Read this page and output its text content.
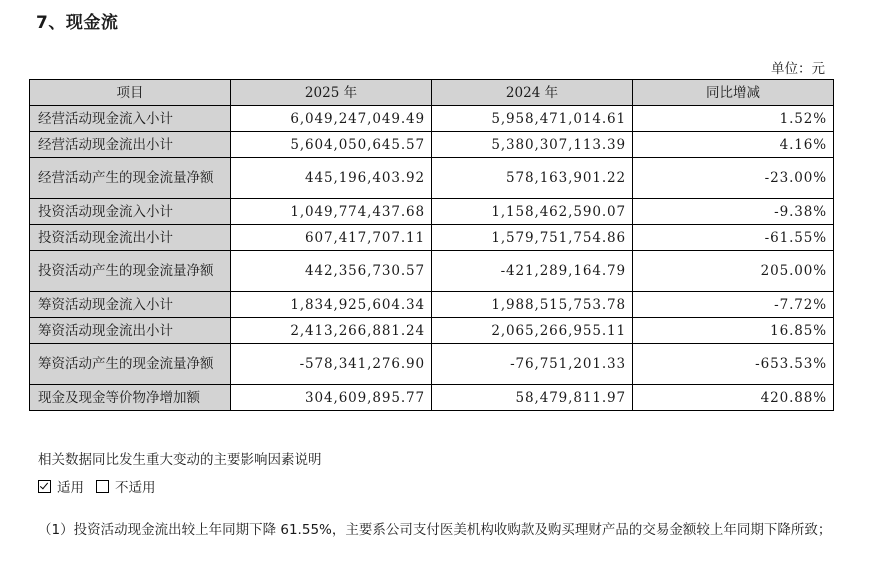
7、现金流
单位：元
项目	2025 年	2024 年	同比增减
经营活动现金流入小计	6,049,247,049.49	5,958,471,014.61	1.52%
经营活动现金流出小计	5,604,050,645.57	5,380,307,113.39	4.16%
经营活动产生的现金流量净额	445,196,403.92	578,163,901.22	-23.00%
投资活动现金流入小计	1,049,774,437.68	1,158,462,590.07	-9.38%
投资活动现金流出小计	607,417,707.11	1,579,751,754.86	-61.55%
投资活动产生的现金流量净额	442,356,730.57	-421,289,164.79	205.00%
筹资活动现金流入小计	1,834,925,604.34	1,988,515,753.78	-7.72%
筹资活动现金流出小计	2,413,266,881.24	2,065,266,955.11	16.85%
筹资活动产生的现金流量净额	-578,341,276.90	-76,751,201.33	-653.53%
现金及现金等价物净增加额	304,609,895.77	58,479,811.97	420.88%
相关数据同比发生重大变动的主要影响因素说明
适用 不适用
（1）投资活动现金流出较上年同期下降 61.55%，主要系公司支付医美机构收购款及购买理财产品的交易金额较上年同期下降所致；
